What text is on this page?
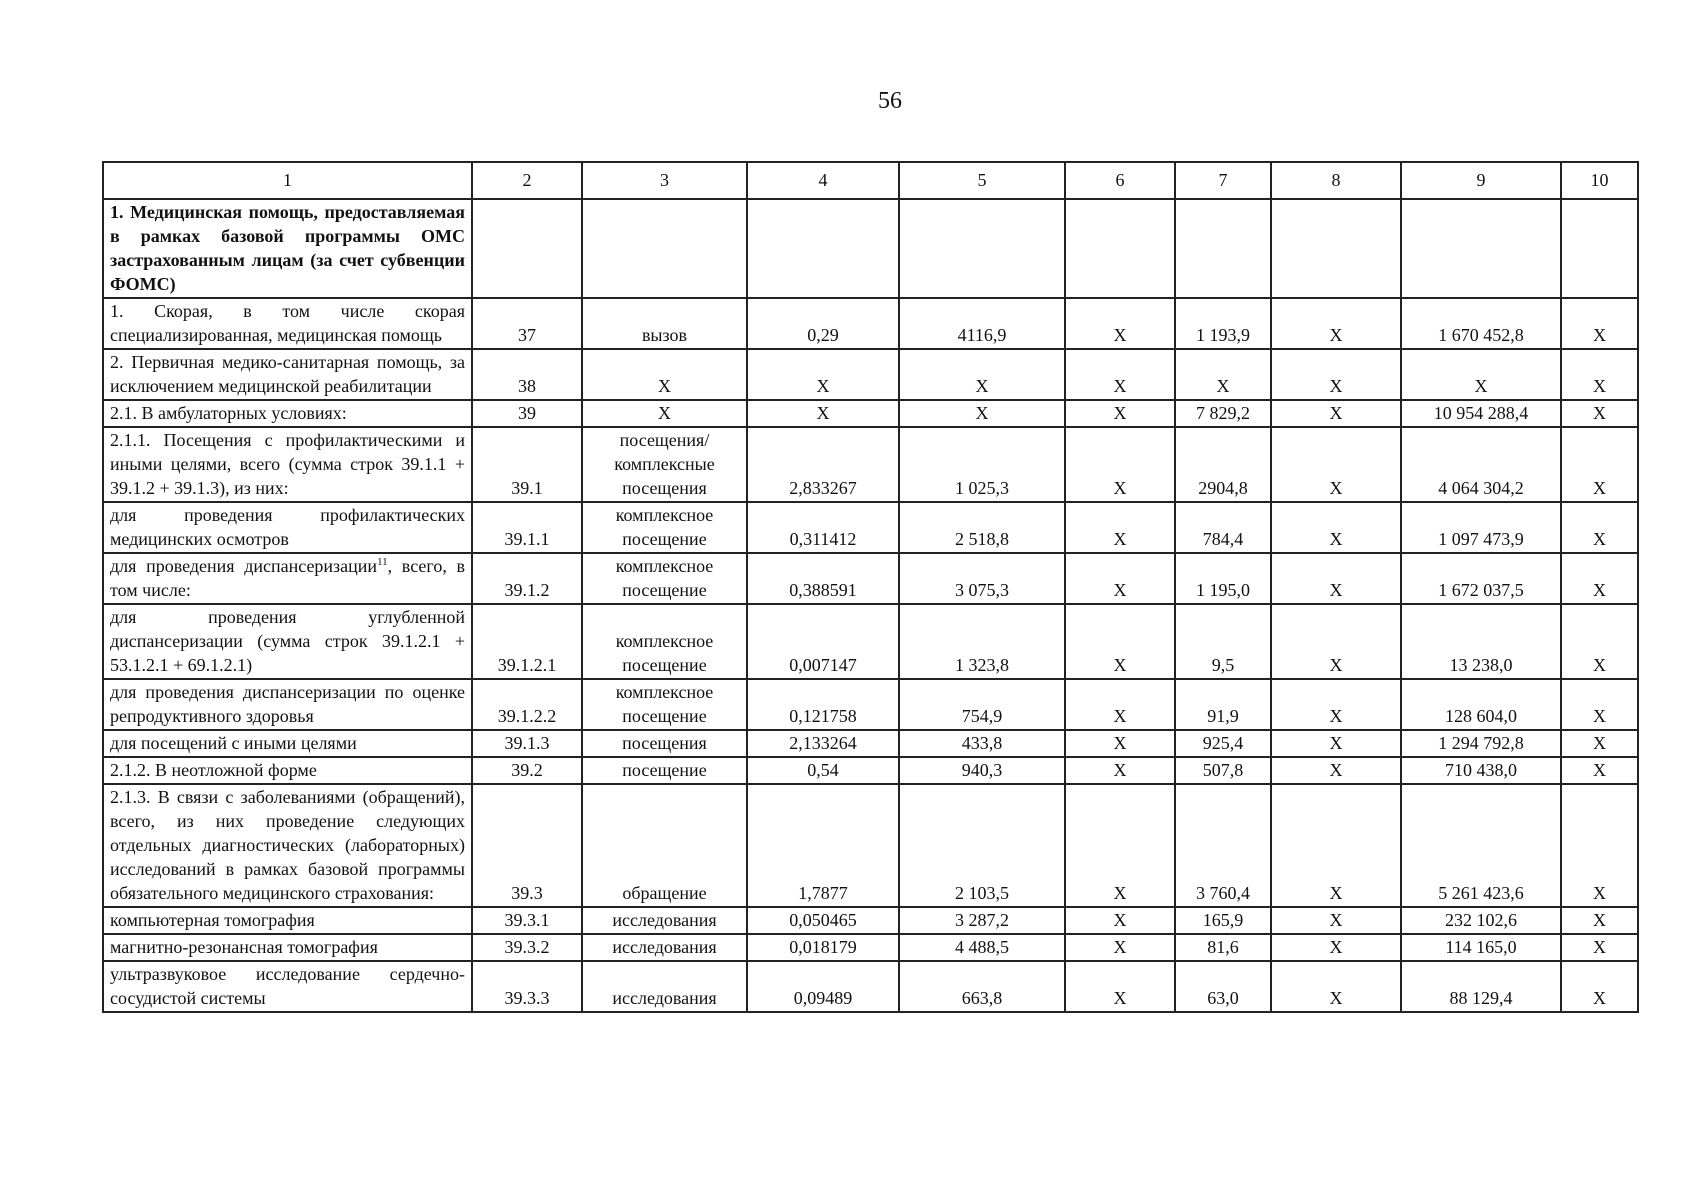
56
1	2	3	4	5	6	7	8	9	10
1. Медицинская помощь, предоставляемая в рамках базовой программы ОМС застрахованным лицам (за счет субвенции ФОМС)									
1. Скорая, в том числе скорая специализированная, медицинская помощь	37	вызов	0,29	4116,9	X	1 193,9	X	1 670 452,8	X
2. Первичная медико-санитарная помощь, за исключением медицинской реабилитации	38	X	X	X	X	X	X	X	X
2.1. В амбулаторных условиях:	39	X	X	X	X	7 829,2	X	10 954 288,4	X
2.1.1. Посещения с профилактическими и иными целями, всего (сумма строк 39.1.1 + 39.1.2 + 39.1.3), из них:	39.1	посещения/ комплексные посещения	2,833267	1 025,3	X	2904,8	X	4 064 304,2	X
для проведения профилактических медицинских осмотров	39.1.1	комплексное посещение	0,311412	2 518,8	X	784,4	X	1 097 473,9	X
для проведения диспансеризации$^{11}$, всего, в том числе:	39.1.2	комплексное посещение	0,388591	3 075,3	X	1 195,0	X	1 672 037,5	X
для проведения углубленной диспансеризации (сумма строк 39.1.2.1 + 53.1.2.1 + 69.1.2.1)	39.1.2.1	комплексное посещение	0,007147	1 323,8	X	9,5	X	13 238,0	X
для проведения диспансеризации по оценке репродуктивного здоровья	39.1.2.2	комплексное посещение	0,121758	754,9	X	91,9	X	128 604,0	X
для посещений с иными целями	39.1.3	посещения	2,133264	433,8	X	925,4	X	1 294 792,8	X
2.1.2. В неотложной форме	39.2	посещение	0,54	940,3	X	507,8	X	710 438,0	X
2.1.3. В связи с заболеваниями (обращений), всего, из них проведение следующих отдельных диагностических (лабораторных) исследований в рамках базовой программы обязательного медицинского страхования:	39.3	обращение	1,7877	2 103,5	X	3 760,4	X	5 261 423,6	X
компьютерная томография	39.3.1	исследования	0,050465	3 287,2	X	165,9	X	232 102,6	X
магнитно-резонансная томография	39.3.2	исследования	0,018179	4 488,5	X	81,6	X	114 165,0	X
ультразвуковое исследование сердечно-сосудистой системы	39.3.3	исследования	0,09489	663,8	X	63,0	X	88 129,4	X
